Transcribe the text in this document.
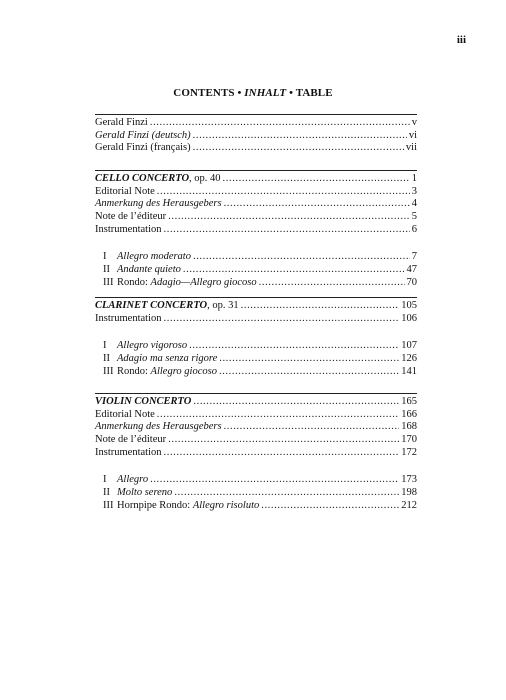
iii
CONTENTS • INHALT • TABLE
Gerald Finzi .....	v
Gerald Finzi (deutsch) .....	vi
Gerald Finzi (français) .....	vii
CELLO CONCERTO, op. 40 .....	1
Editorial Note .....	3
Anmerkung des Herausgebers .....	4
Note de l’éditeur .....	5
Instrumentation .....	6
I Allegro moderato .....	7
II Andante quieto .....	47
III Rondo: Adagio—Allegro giocoso .....	70
CLARINET CONCERTO, op. 31 .....	105
Instrumentation .....	106
I Allegro vigoroso .....	107
II Adagio ma senza rigore .....	126
III Rondo: Allegro giocoso .....	141
VIOLIN CONCERTO .....	165
Editorial Note .....	166
Anmerkung des Herausgebers .....	168
Note de l’éditeur .....	170
Instrumentation .....	172
I Allegro .....	173
II Molto sereno .....	198
III Hornpipe Rondo: Allegro risoluto .....	212
